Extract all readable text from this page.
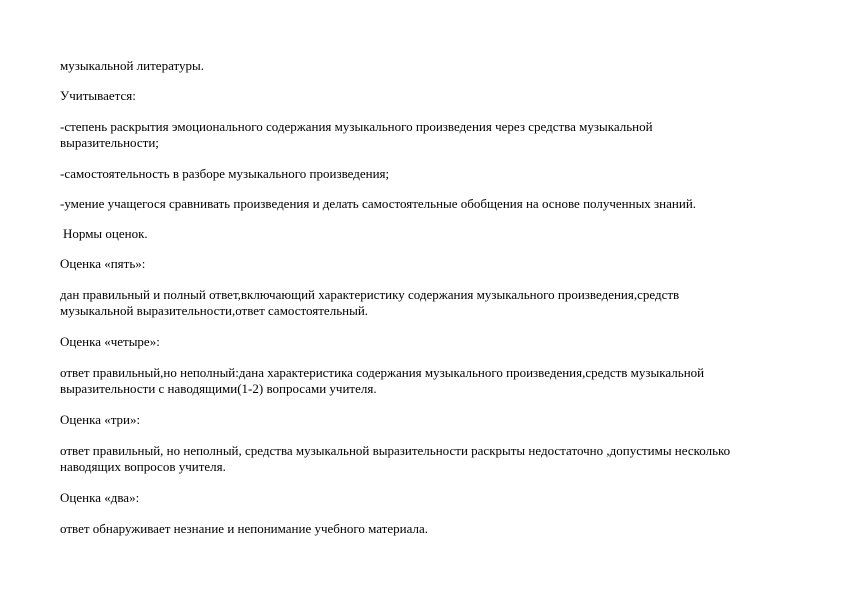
музыкальной литературы.
Учитывается:
-степень раскрытия эмоционального содержания музыкального произведения через средства музыкальной
выразительности;
-самостоятельность в разборе музыкального произведения;
-умение учащегося сравнивать произведения и делать самостоятельные обобщения на основе полученных знаний.
Нормы оценок.
Оценка «пять»:
дан правильный и полный ответ,включающий характеристику содержания музыкального произведения,средств
музыкальной выразительности,ответ самостоятельный.
Оценка «четыре»:
ответ правильный,но неполный:дана характеристика содержания музыкального произведения,средств музыкальной
выразительности с наводящими(1-2) вопросами учителя.
Оценка «три»:
ответ правильный, но неполный, средства музыкальной выразительности раскрыты недостаточно ,допустимы несколько
наводящих вопросов учителя.
Оценка «два»:
ответ обнаруживает незнание и непонимание учебного материала.
